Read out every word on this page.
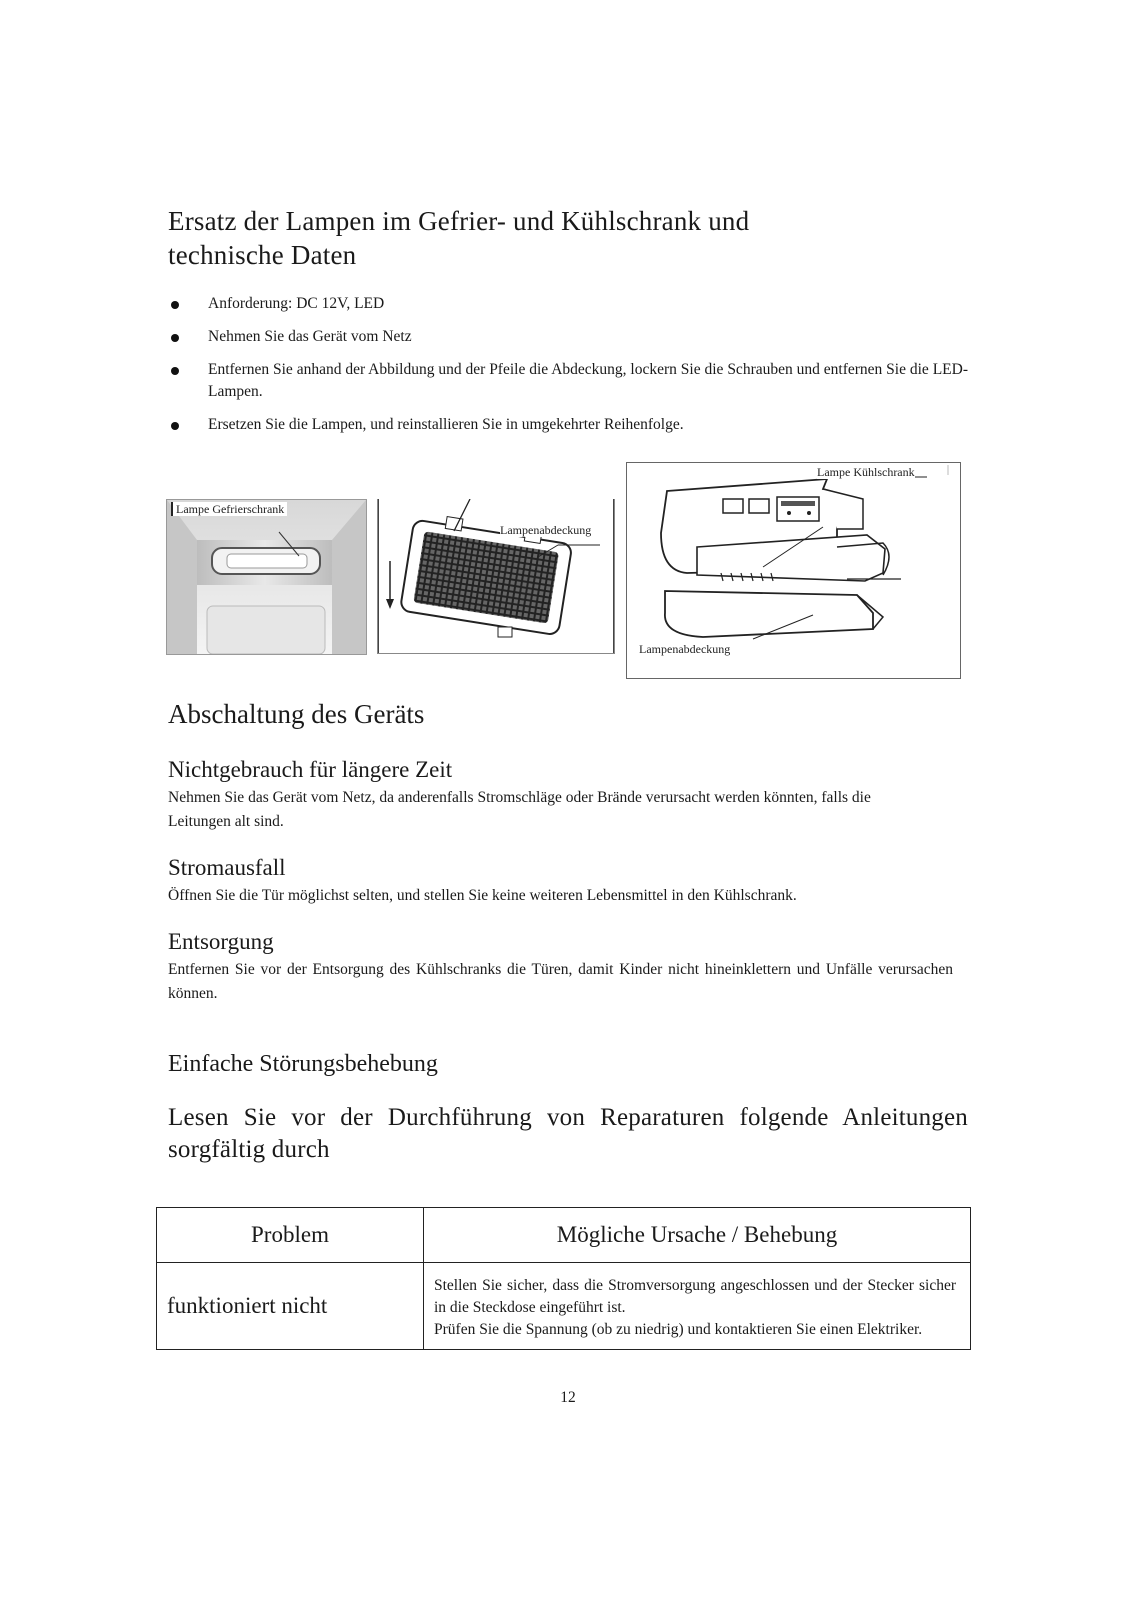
Ersatz der Lampen im Gefrier- und Kühlschrank und
technische Daten
Anforderung: DC 12V, LED
Nehmen Sie das Gerät vom Netz
Entfernen Sie anhand der Abbildung und der Pfeile die Abdeckung, lockern Sie die Schrauben und entfernen Sie die LED-Lampen.
Ersetzen Sie die Lampen, und reinstallieren Sie in umgekehrter Reihenfolge.
Lampe Gefrierschrank
Lampenabdeckung
Lampe Kühlschrank
Lampenabdeckung
Abschaltung des Geräts
Nichtgebrauch für längere Zeit
Nehmen Sie das Gerät vom Netz, da anderenfalls Stromschläge oder Brände verursacht werden könnten, falls die Leitungen alt sind.
Stromausfall
Öffnen Sie die Tür möglichst selten, und stellen Sie keine weiteren Lebensmittel in den Kühlschrank.
Entsorgung
Entfernen Sie vor der Entsorgung des Kühlschranks die Türen, damit Kinder nicht hineinklettern und Unfälle verursachen können.
Einfache Störungsbehebung
Lesen Sie vor der Durchführung von Reparaturen folgende Anleitungen sorgfältig durch
Problem	Mögliche Ursache / Behebung
funktioniert nicht	Stellen Sie sicher, dass die Stromversorgung angeschlossen und der Stecker sicher in die Steckdose eingeführt ist.
Prüfen Sie die Spannung (ob zu niedrig) und kontaktieren Sie einen Elektriker.
12
